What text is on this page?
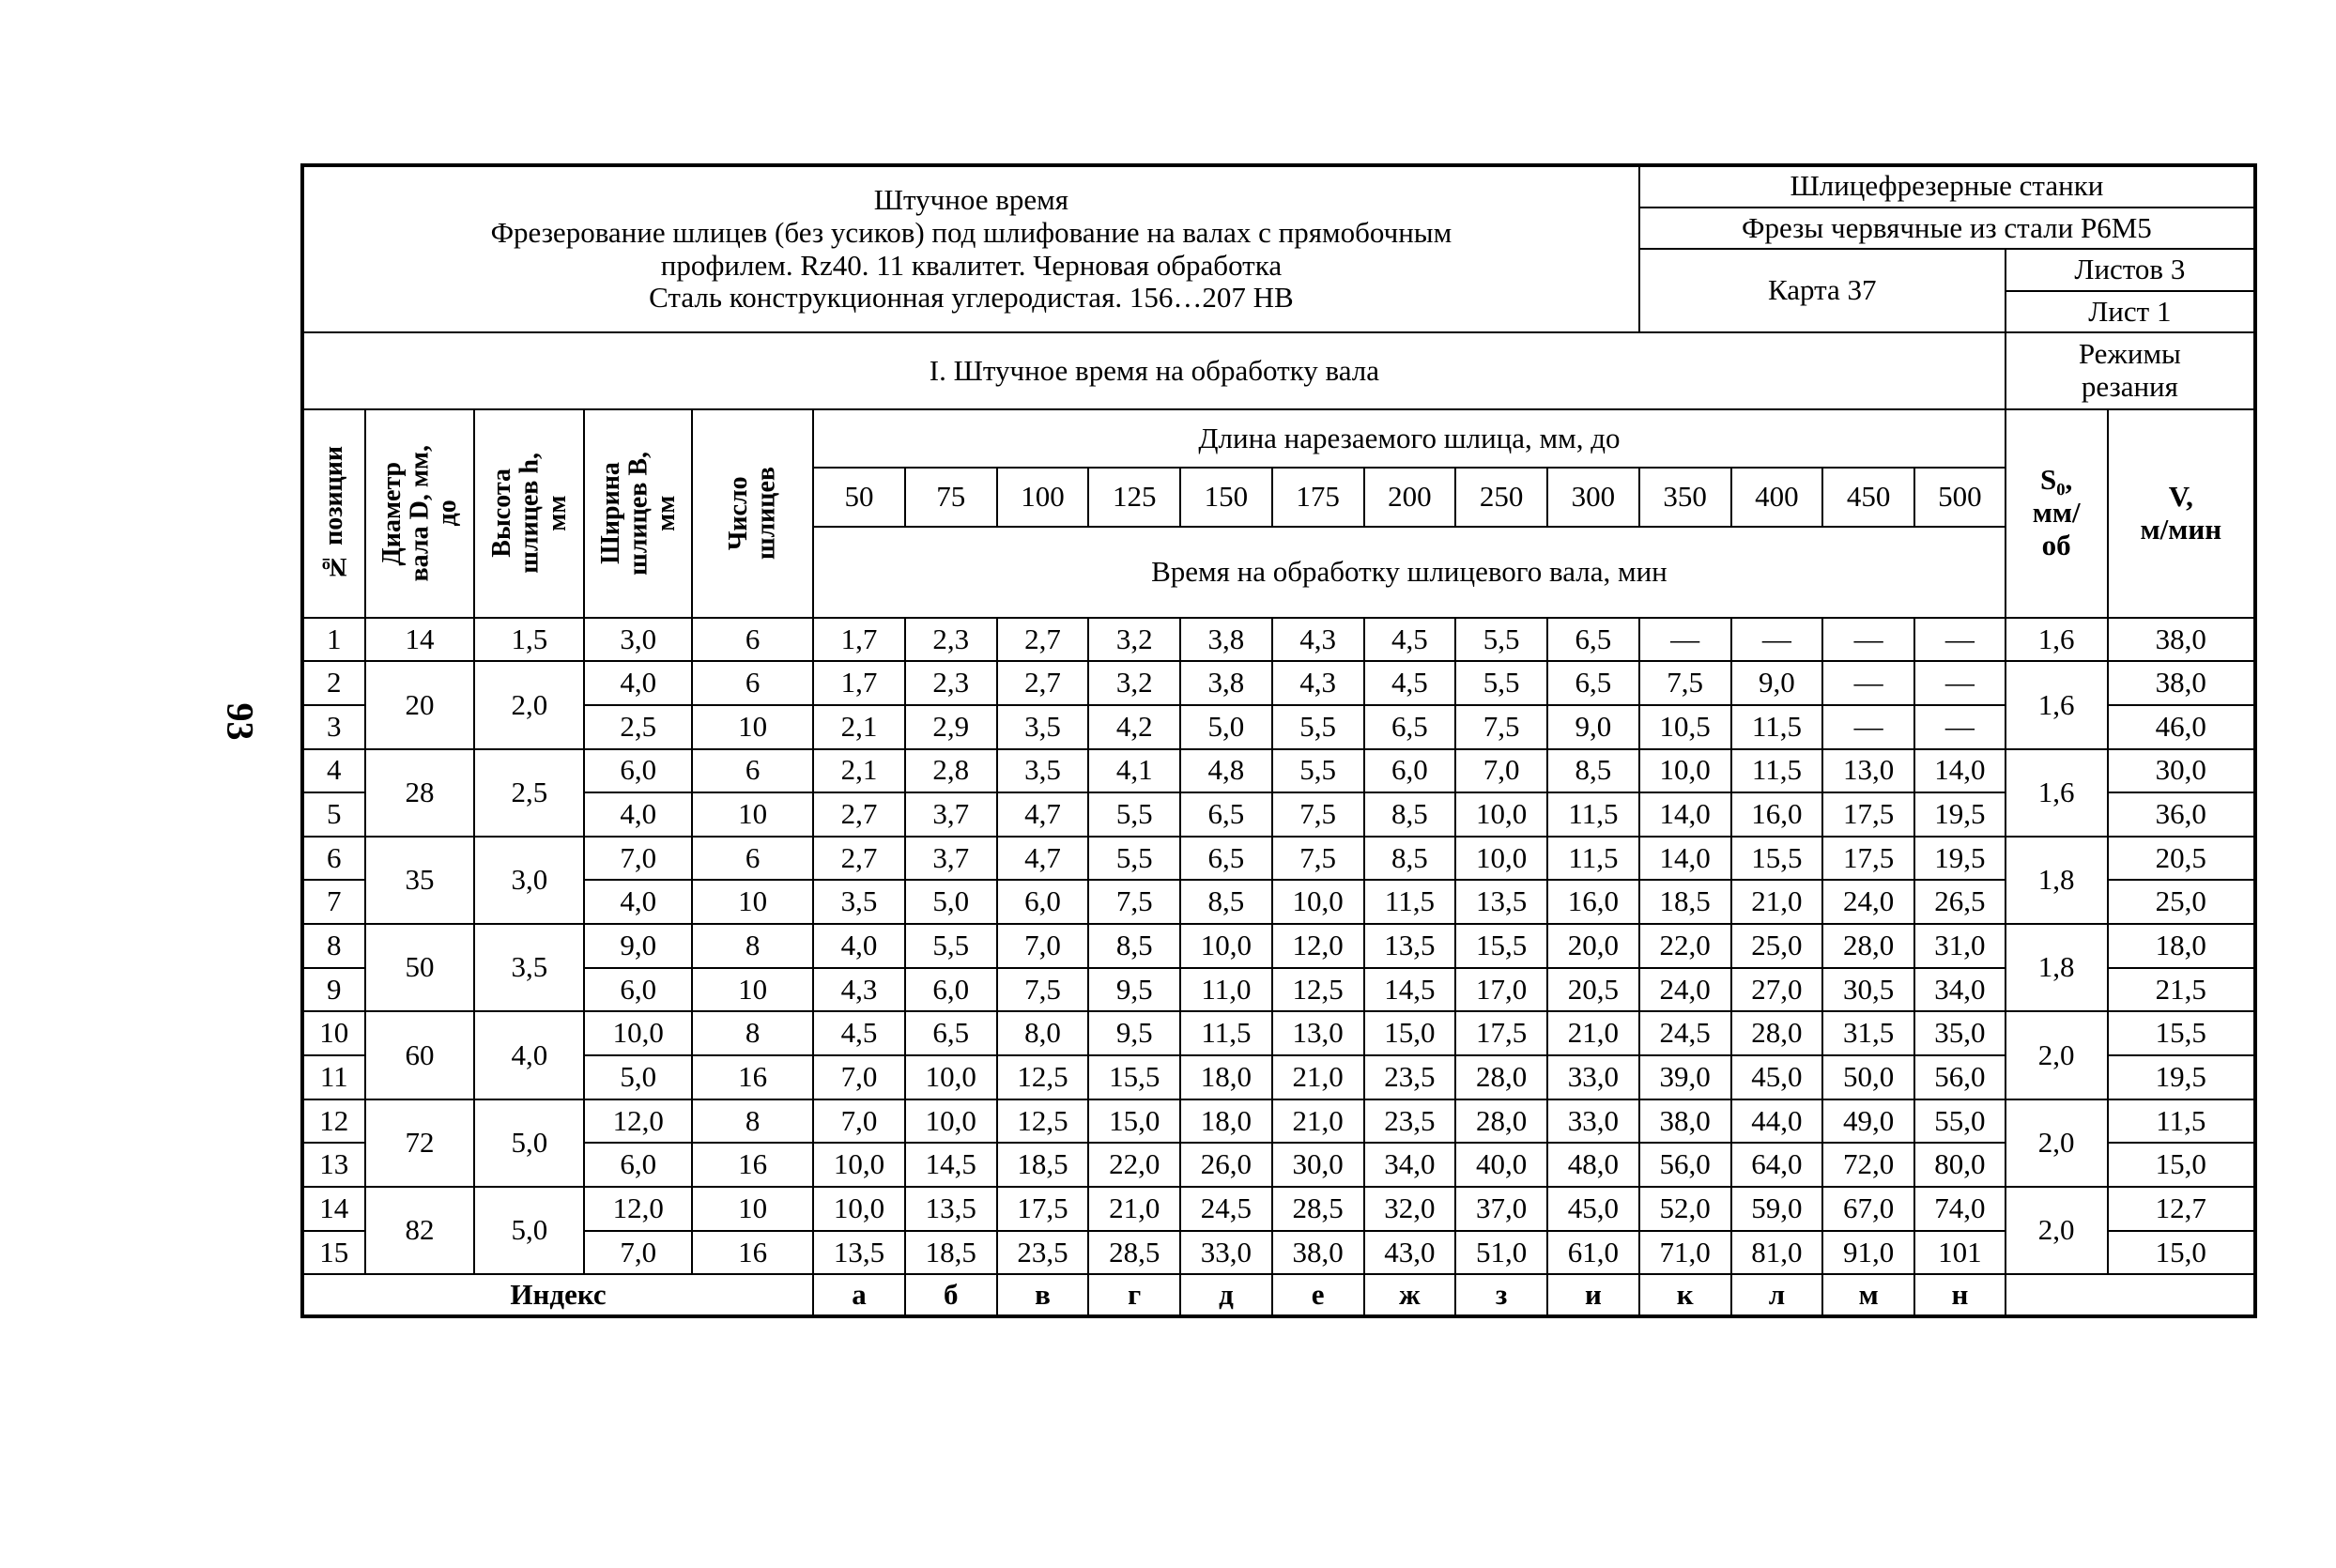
93
Штучное время
Фрезерование шлицев (без усиков) под шлифование на валах с прямобочным
профилем. Rz40. 11 квалитет. Черновая обработка
Сталь конструкционная углеродистая. 156…207 НВ														Шлицефрезерные станки					
														Фрезы червячные из стали Р6М5					
														Карта 37				Листов 3	
																		Лист 1	
I. Штучное время на обработку вала																		Режимы
резания	

№ позиции	Диаметр
вала D, мм,
до	Высота
шлицев h,
мм	Ширина
шлицев B,
мм	Число
шлицев	Длина нарезаемого шлица, мм, до													S₀,
мм/
об	V,
м/мин
					50	75	100	125	150	175	200	250	300	350	400	450	500		
					Время на обработку шлицевого вала, мин														
1	14	1,5	3,0	6	1,7	2,3	2,7	3,2	3,8	4,3	4,5	5,5	6,5	—	—	—	—	1,6	38,0
2	20	2,0	4,0	6	1,7	2,3	2,7	3,2	3,8	4,3	4,5	5,5	6,5	7,5	9,0	—	—	1,6	38,0
3			2,5	10	2,1	2,9	3,5	4,2	5,0	5,5	6,5	7,5	9,0	10,5	11,5	—	—		46,0
4	28	2,5	6,0	6	2,1	2,8	3,5	4,1	4,8	5,5	6,0	7,0	8,5	10,0	11,5	13,0	14,0	1,6	30,0
5			4,0	10	2,7	3,7	4,7	5,5	6,5	7,5	8,5	10,0	11,5	14,0	16,0	17,5	19,5		36,0
6	35	3,0	7,0	6	2,7	3,7	4,7	5,5	6,5	7,5	8,5	10,0	11,5	14,0	15,5	17,5	19,5	1,8	20,5
7			4,0	10	3,5	5,0	6,0	7,5	8,5	10,0	11,5	13,5	16,0	18,5	21,0	24,0	26,5		25,0
8	50	3,5	9,0	8	4,0	5,5	7,0	8,5	10,0	12,0	13,5	15,5	20,0	22,0	25,0	28,0	31,0	1,8	18,0
9			6,0	10	4,3	6,0	7,5	9,5	11,0	12,5	14,5	17,0	20,5	24,0	27,0	30,5	34,0		21,5
10	60	4,0	10,0	8	4,5	6,5	8,0	9,5	11,5	13,0	15,0	17,5	21,0	24,5	28,0	31,5	35,0	2,0	15,5
11			5,0	16	7,0	10,0	12,5	15,5	18,0	21,0	23,5	28,0	33,0	39,0	45,0	50,0	56,0		19,5
12	72	5,0	12,0	8	7,0	10,0	12,5	15,0	18,0	21,0	23,5	28,0	33,0	38,0	44,0	49,0	55,0	2,0	11,5
13			6,0	16	10,0	14,5	18,5	22,0	26,0	30,0	34,0	40,0	48,0	56,0	64,0	72,0	80,0		15,0
14	82	5,0	12,0	10	10,0	13,5	17,5	21,0	24,5	28,5	32,0	37,0	45,0	52,0	59,0	67,0	74,0	2,0	12,7
15			7,0	16	13,5	18,5	23,5	28,5	33,0	38,0	43,0	51,0	61,0	71,0	81,0	91,0	101		15,0
Индекс					а	б	в	г	д	е	ж	з	и	к	л	м	н		
